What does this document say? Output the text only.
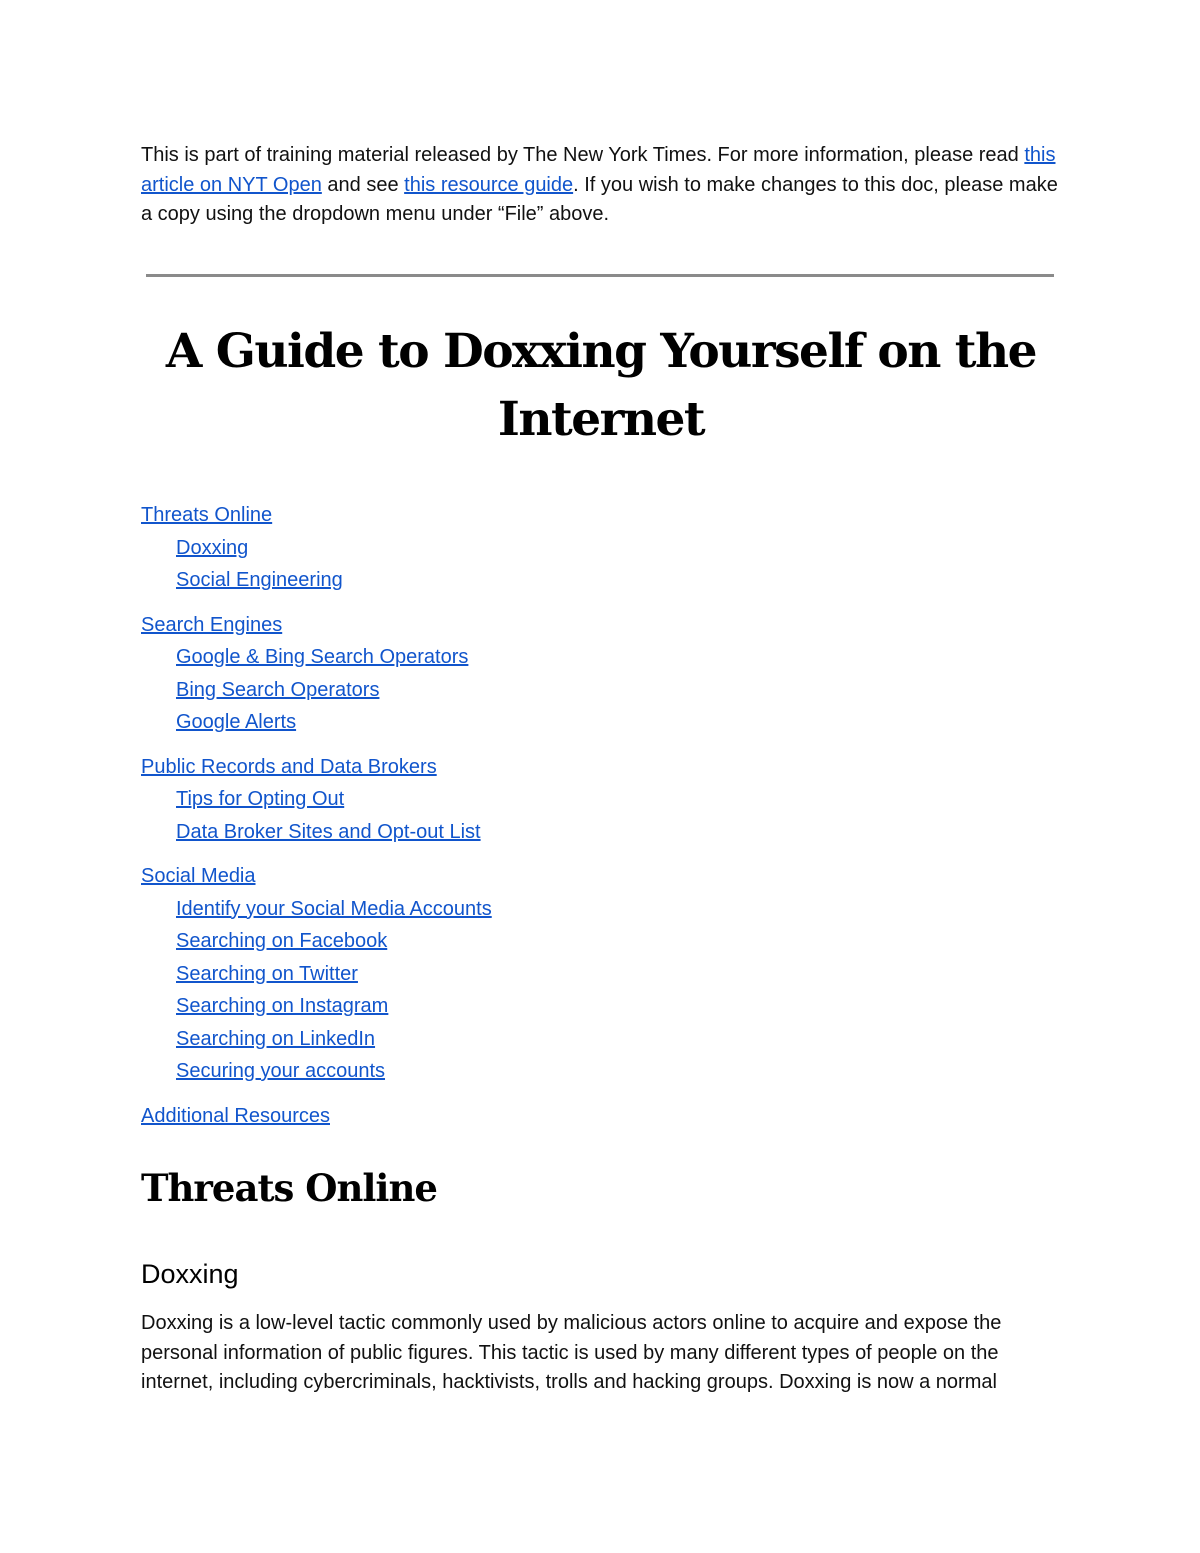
This is part of training material released by The New York Times. For more information, please read this article on NYT Open and see this resource guide. If you wish to make changes to this doc, please make a copy using the dropdown menu under “File” above.

A Guide to Doxxing Yourself on the Internet
Threats Online
Doxxing
Social Engineering
Search Engines
Google & Bing Search Operators
Bing Search Operators
Google Alerts
Public Records and Data Brokers
Tips for Opting Out
Data Broker Sites and Opt-out List
Social Media
Identify your Social Media Accounts
Searching on Facebook
Searching on Twitter
Searching on Instagram
Searching on LinkedIn
Securing your accounts
Additional Resources
Threats Online
Doxxing

Doxxing is a low-level tactic commonly used by malicious actors online to acquire and expose the personal information of public figures. This tactic is used by many different types of people on the internet, including cybercriminals, hacktivists, trolls and hacking groups. Doxxing is now a normal
